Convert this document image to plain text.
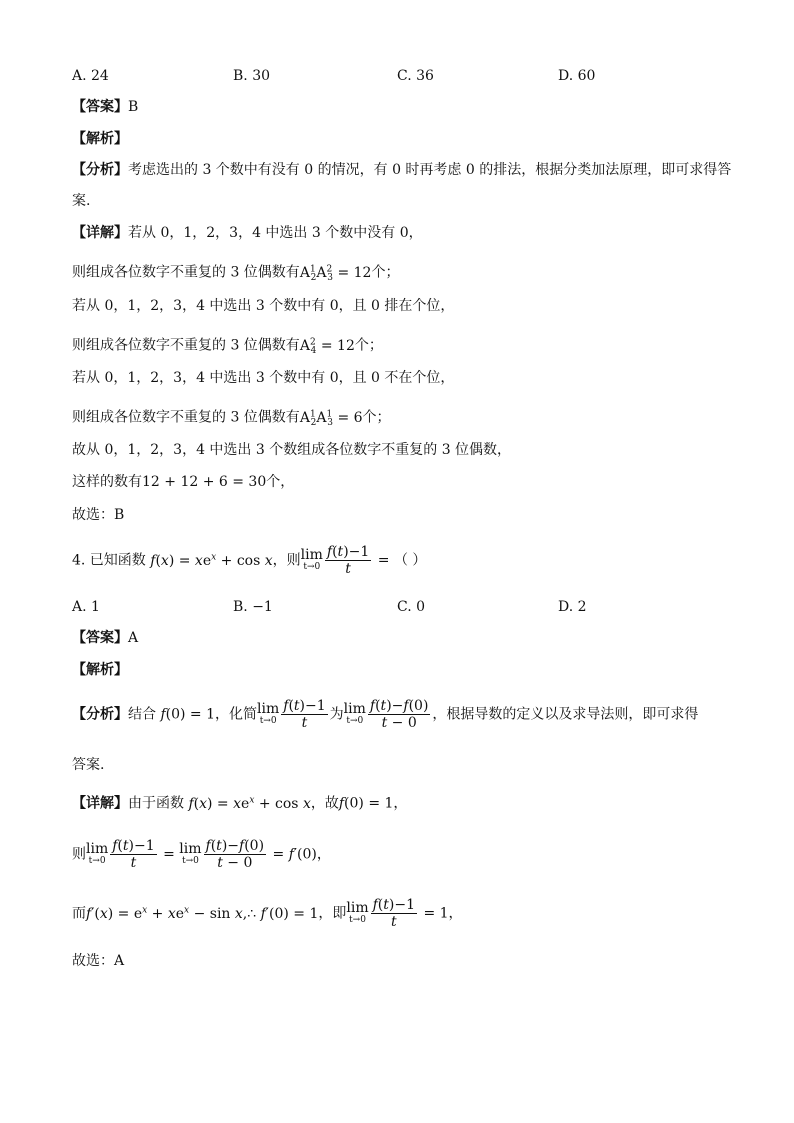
A. 24	B. 30	C. 36	D. 60
【答案】B
【解析】
【分析】考虑选出的 3 个数中有没有 0 的情况，有 0 时再考虑 0 的排法，根据分类加法原理，即可求得答
案.
【详解】若从 0，1，2，3，4 中选出 3 个数中没有 0，
则组成各位数字不重复的 3 位偶数有$A^1_2A^2_3 = 12$个；
若从 0，1，2，3，4 中选出 3 个数中有 0，且 0 排在个位，
则组成各位数字不重复的 3 位偶数有$A^2_4 = 12$个；
若从 0，1，2，3，4 中选出 3 个数中有 0，且 0 不在个位，
则组成各位数字不重复的 3 位偶数有$A^1_2A^1_3 = 6$个；
故从 0，1，2，3，4 中选出 3 个数组成各位数字不重复的 3 位偶数，
这样的数有12 + 12 + 6 = 30个，
故选：B
4. 已知函数 $f(x) = xe^x + \cos x$，则lim
$t\to 0 \frac{f(t)-1}{t}$ = （ ）
A. 1	B. −1	C. 0	D. 2
【答案】A
【解析】
【分析】结合 f(0) = 1，化简lim
$t\to 0 \frac{f(t)-1}{t}$ 为lim
$t\to 0 \frac{f(t)-f(0)}{t - 0}$ ，根据导数的定义以及求导法则，即可求得
答案.
【详解】由于函数 $f(x) = xe^x + \cos x$，故f(0) = 1，
则lim
$t\to 0 \frac{f(t)-1}{t} = \lim$
$t\to 0 \frac{f(t)-f(0)}{t - 0} = f'(0)$，
而$f'(x) = e^x + xe^x - \sin$ x,∴ f′(0) = 1，即lim
$t\to 0 \frac{f(t)-1}{t} = 1$，
故选：A
